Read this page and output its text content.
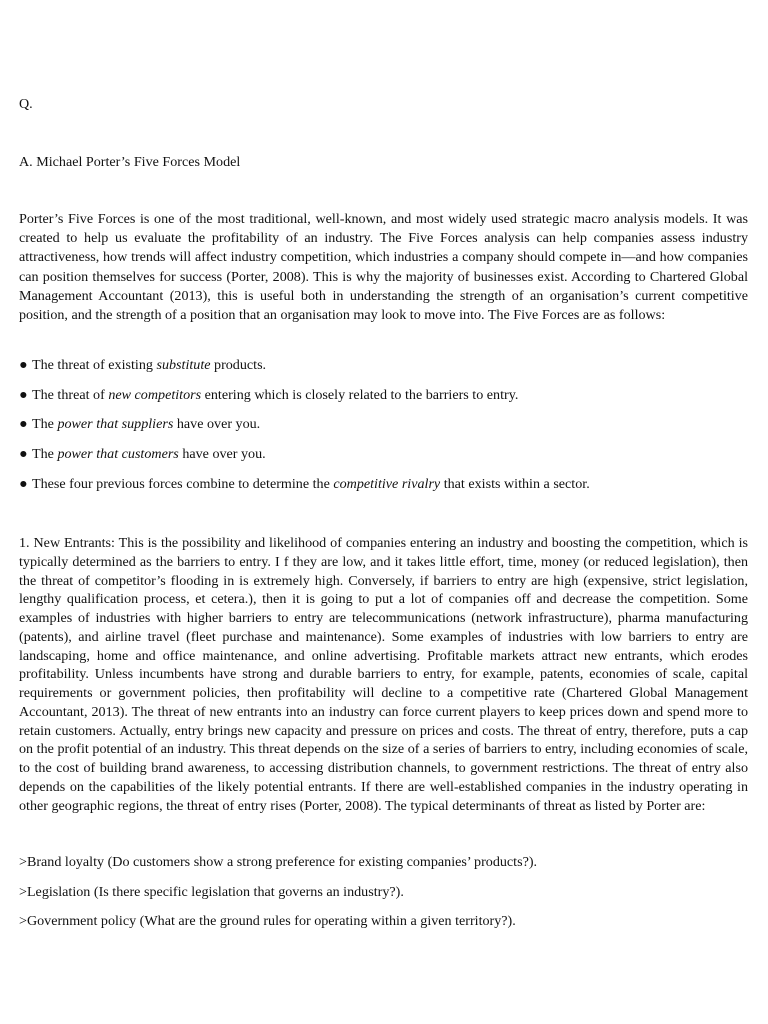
Q.
A. Michael Porter’s Five Forces Model

Porter’s Five Forces is one of the most traditional, well-known, and most widely used strategic macro analysis models. It was created to help us evaluate the profitability of an industry. The Five Forces analysis can help companies assess industry attractiveness, how trends will affect industry competition, which industries a company should compete in—and how companies can position themselves for success (Porter, 2008). This is why the majority of businesses exist. According to Chartered Global Management Accountant (2013), this is useful both in understanding the strength of an organisation’s current competitive position, and the strength of a position that an organisation may look to move into. The Five Forces are as follows:

● The threat of existing substitute products.
● The threat of new competitors entering which is closely related to the barriers to entry.
● The power that suppliers have over you.
● The power that customers have over you.
● These four previous forces combine to determine the competitive rivalry that exists within a sector.

1. New Entrants: This is the possibility and likelihood of companies entering an industry and boosting the competition, which is typically determined as the barriers to entry. I f they are low, and it takes little effort, time, money (or reduced legislation), then the threat of competitor’s flooding in is extremely high. Conversely, if barriers to entry are high (expensive, strict legislation, lengthy qualification process, et cetera.), then it is going to put a lot of companies off and decrease the competition. Some examples of industries with higher barriers to entry are telecommunications (network infrastructure), pharma manufacturing (patents), and airline travel (fleet purchase and maintenance). Some examples of industries with low barriers to entry are landscaping, home and office maintenance, and online advertising. Profitable markets attract new entrants, which erodes profitability. Unless incumbents have strong and durable barriers to entry, for example, patents, economies of scale, capital requirements or government policies, then profitability will decline to a competitive rate (Chartered Global Management Accountant, 2013). The threat of new entrants into an industry can force current players to keep prices down and spend more to retain customers. Actually, entry brings new capacity and pressure on prices and costs. The threat of entry, therefore, puts a cap on the profit potential of an industry. This threat depends on the size of a series of barriers to entry, including economies of scale, to the cost of building brand awareness, to accessing distribution channels, to government restrictions. The threat of entry also depends on the capabilities of the likely potential entrants. If there are well-established companies in the industry operating in other geographic regions, the threat of entry rises (Porter, 2008). The typical determinants of threat as listed by Porter are:

>Brand loyalty (Do customers show a strong preference for existing companies’ products?).
>Legislation (Is there specific legislation that governs an industry?).
>Government policy (What are the ground rules for operating within a given territory?).
